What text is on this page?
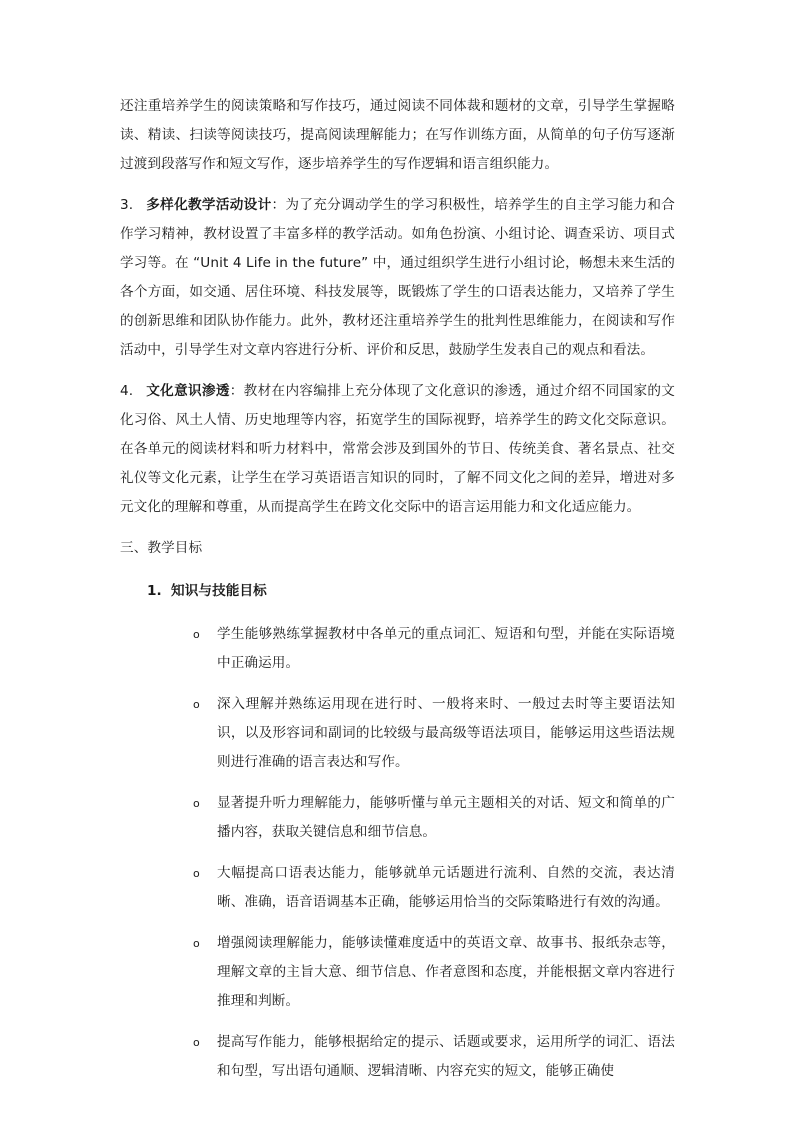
还注重培养学生的阅读策略和写作技巧，通过阅读不同体裁和题材的文章，引导学生掌握略读、精读、扫读等阅读技巧，提高阅读理解能力；在写作训练方面，从简单的句子仿写逐渐过渡到段落写作和短文写作，逐步培养学生的写作逻辑和语言组织能力。

3. 多样化教学活动设计：为了充分调动学生的学习积极性，培养学生的自主学习能力和合作学习精神，教材设置了丰富多样的教学活动。如角色扮演、小组讨论、调查采访、项目式学习等。在 “Unit 4 Life in the future” 中，通过组织学生进行小组讨论，畅想未来生活的各个方面，如交通、居住环境、科技发展等，既锻炼了学生的口语表达能力，又培养了学生的创新思维和团队协作能力。此外，教材还注重培养学生的批判性思维能力，在阅读和写作活动中，引导学生对文章内容进行分析、评价和反思，鼓励学生发表自己的观点和看法。

4. 文化意识渗透：教材在内容编排上充分体现了文化意识的渗透，通过介绍不同国家的文化习俗、风土人情、历史地理等内容，拓宽学生的国际视野，培养学生的跨文化交际意识。在各单元的阅读材料和听力材料中，常常会涉及到国外的节日、传统美食、著名景点、社交礼仪等文化元素，让学生在学习英语语言知识的同时，了解不同文化之间的差异，增进对多元文化的理解和尊重，从而提高学生在跨文化交际中的语言运用能力和文化适应能力。

三、教学目标

1. 知识与技能目标

o 学生能够熟练掌握教材中各单元的重点词汇、短语和句型，并能在实际语境中正确运用。
o 深入理解并熟练运用现在进行时、一般将来时、一般过去时等主要语法知识，以及形容词和副词的比较级与最高级等语法项目，能够运用这些语法规则进行准确的语言表达和写作。
o 显著提升听力理解能力，能够听懂与单元主题相关的对话、短文和简单的广播内容，获取关键信息和细节信息。
o 大幅提高口语表达能力，能够就单元话题进行流利、自然的交流，表达清晰、准确，语音语调基本正确，能够运用恰当的交际策略进行有效的沟通。
o 增强阅读理解能力，能够读懂难度适中的英语文章、故事书、报纸杂志等，理解文章的主旨大意、细节信息、作者意图和态度，并能根据文章内容进行推理和判断。
o 提高写作能力，能够根据给定的提示、话题或要求，运用所学的词汇、语法和句型，写出语句通顺、逻辑清晰、内容充实的短文，能够正确使
